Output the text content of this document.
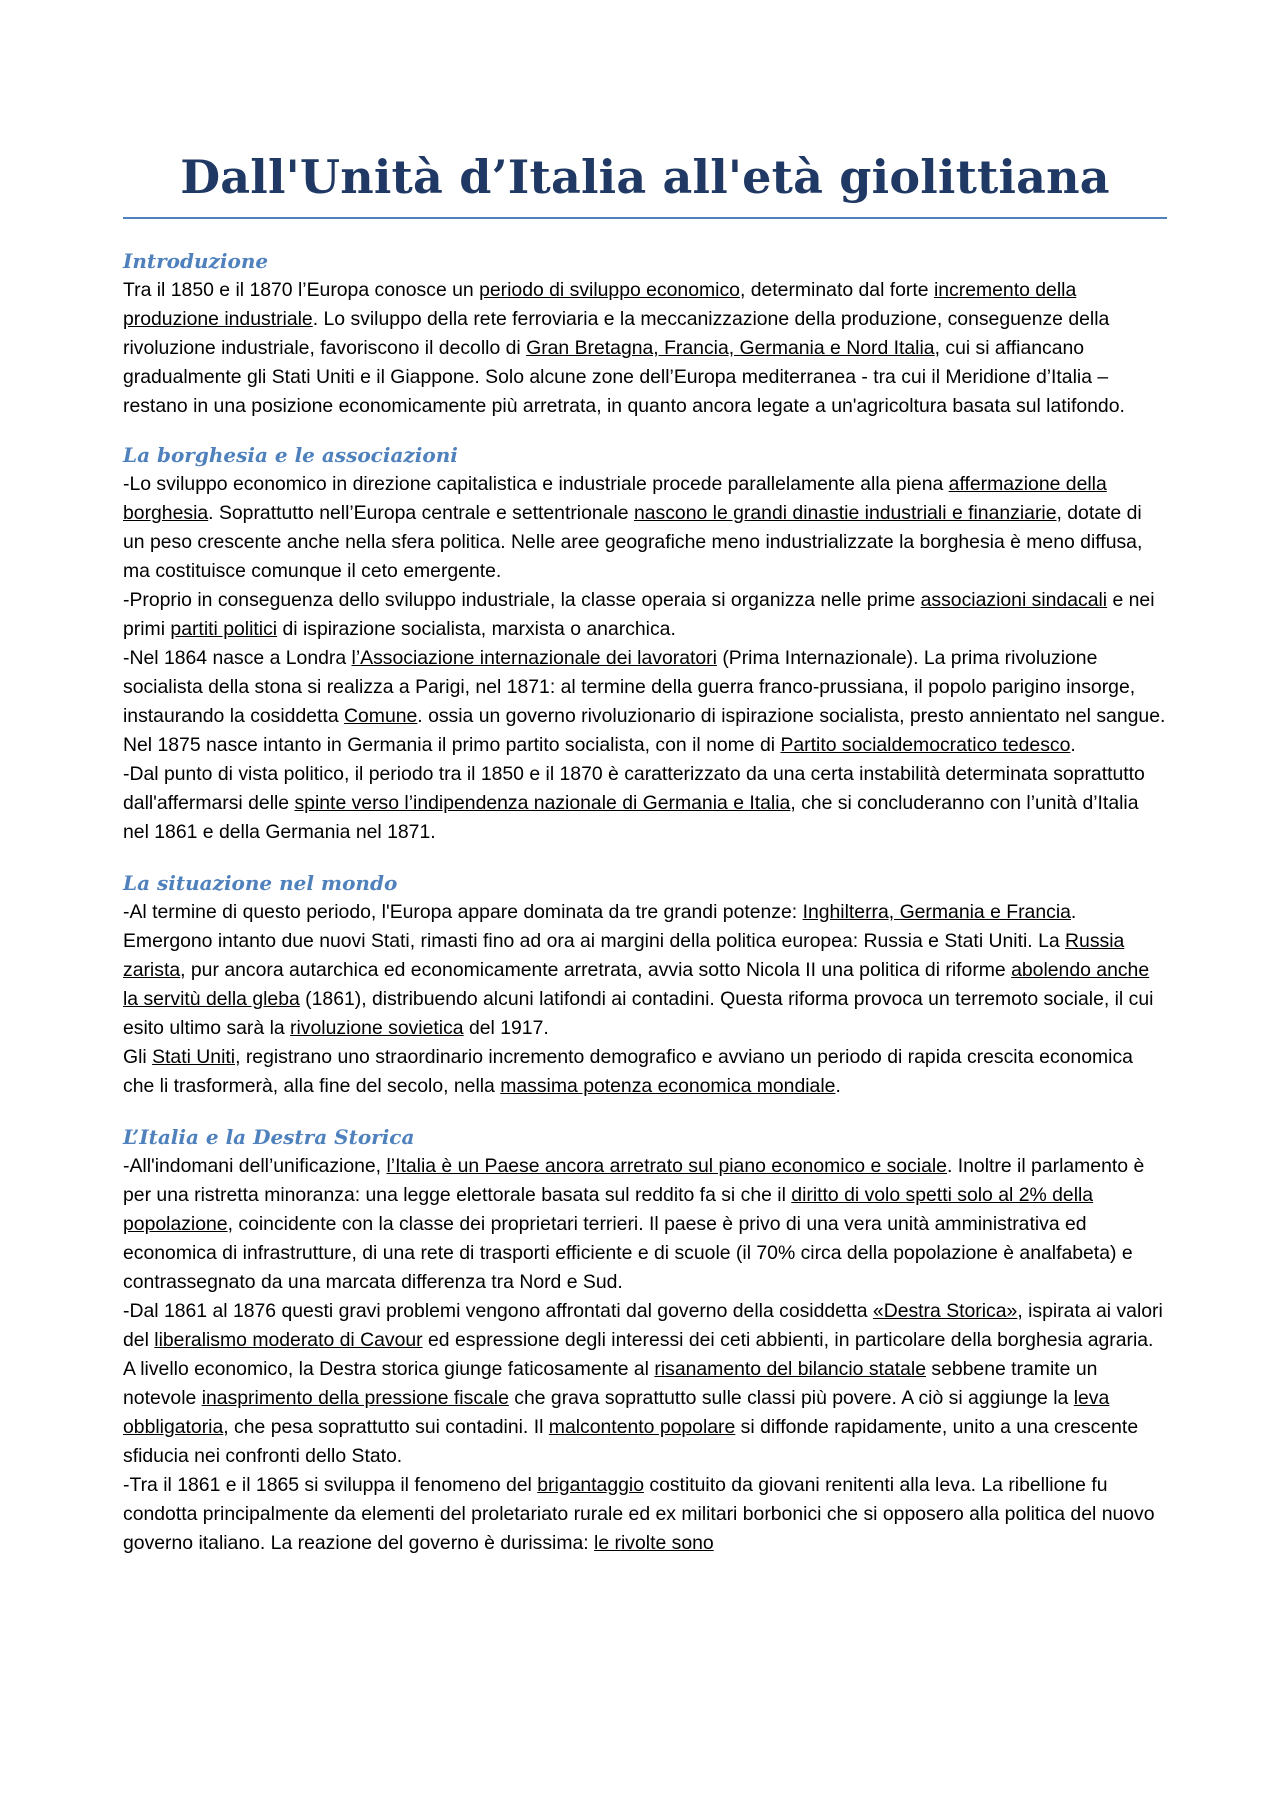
Dall'Unità d’Italia all'età giolittiana
Introduzione

Tra il 1850 e il 1870 l’Europa conosce un periodo di sviluppo economico, determinato dal forte incremento della produzione industriale. Lo sviluppo della rete ferroviaria e la meccanizzazione della produzione, conseguenze della rivoluzione industriale, favoriscono il decollo di Gran Bretagna, Francia, Germania e Nord Italia, cui si affiancano gradualmente gli Stati Uniti e il Giappone. Solo alcune zone dell’Europa mediterranea - tra cui il Meridione d’Italia – restano in una posizione economicamente più arretrata, in quanto ancora legate a un'agricoltura basata sul latifondo.

La borghesia e le associazioni

-Lo sviluppo economico in direzione capitalistica e industriale procede parallelamente alla piena affermazione della borghesia. Soprattutto nell’Europa centrale e settentrionale nascono le grandi dinastie industriali e finanziarie, dotate di un peso crescente anche nella sfera politica. Nelle aree geografiche meno industrializzate la borghesia è meno diffusa, ma costituisce comunque il ceto emergente.

-Proprio in conseguenza dello sviluppo industriale, la classe operaia si organizza nelle prime associazioni sindacali e nei primi partiti politici di ispirazione socialista, marxista o anarchica.

-Nel 1864 nasce a Londra l’Associazione internazionale dei lavoratori (Prima Internazionale). La prima rivoluzione socialista della stona si realizza a Parigi, nel 1871: al termine della guerra franco-prussiana, il popolo parigino insorge, instaurando la cosiddetta Comune. ossia un governo rivoluzionario di ispirazione socialista, presto annientato nel sangue. Nel 1875 nasce intanto in Germania il primo partito socialista, con il nome di Partito socialdemocratico tedesco.

-Dal punto di vista politico, il periodo tra il 1850 e il 1870 è caratterizzato da una certa instabilità determinata soprattutto dall'affermarsi delle spinte verso l’indipendenza nazionale di Germania e Italia, che si concluderanno con l’unità d’Italia nel 1861 e della Germania nel 1871.

La situazione nel mondo

-Al termine di questo periodo, l'Europa appare dominata da tre grandi potenze: Inghilterra, Germania e Francia. Emergono intanto due nuovi Stati, rimasti fino ad ora ai margini della politica europea: Russia e Stati Uniti. La Russia zarista, pur ancora autarchica ed economicamente arretrata, avvia sotto Nicola II una politica di riforme abolendo anche la servitù della gleba (1861), distribuendo alcuni latifondi ai contadini. Questa riforma provoca un terremoto sociale, il cui esito ultimo sarà la rivoluzione sovietica del 1917.

Gli Stati Uniti, registrano uno straordinario incremento demografico e avviano un periodo di rapida crescita economica che li trasformerà, alla fine del secolo, nella massima potenza economica mondiale.

L’Italia e la Destra Storica

-All'indomani dell’unificazione, l’Italia è un Paese ancora arretrato sul piano economico e sociale. Inoltre il parlamento è per una ristretta minoranza: una legge elettorale basata sul reddito fa si che il diritto di volo spetti solo al 2% della popolazione, coincidente con la classe dei proprietari terrieri. Il paese è privo di una vera unità amministrativa ed economica di infrastrutture, di una rete di trasporti efficiente e di scuole (il 70% circa della popolazione è analfabeta) e contrassegnato da una marcata differenza tra Nord e Sud.

-Dal 1861 al 1876 questi gravi problemi vengono affrontati dal governo della cosiddetta «Destra Storica», ispirata ai valori del liberalismo moderato di Cavour ed espressione degli interessi dei ceti abbienti, in particolare della borghesia agraria. A livello economico, la Destra storica giunge faticosamente al risanamento del bilancio statale sebbene tramite un notevole inasprimento della pressione fiscale che grava soprattutto sulle classi più povere. A ciò si aggiunge la leva obbligatoria, che pesa soprattutto sui contadini. Il malcontento popolare si diffonde rapidamente, unito a una crescente sfiducia nei confronti dello Stato.

-Tra il 1861 e il 1865 si sviluppa il fenomeno del brigantaggio costituito da giovani renitenti alla leva. La ribellione fu condotta principalmente da elementi del proletariato rurale ed ex militari borbonici che si opposero alla politica del nuovo governo italiano. La reazione del governo è durissima: le rivolte sono
